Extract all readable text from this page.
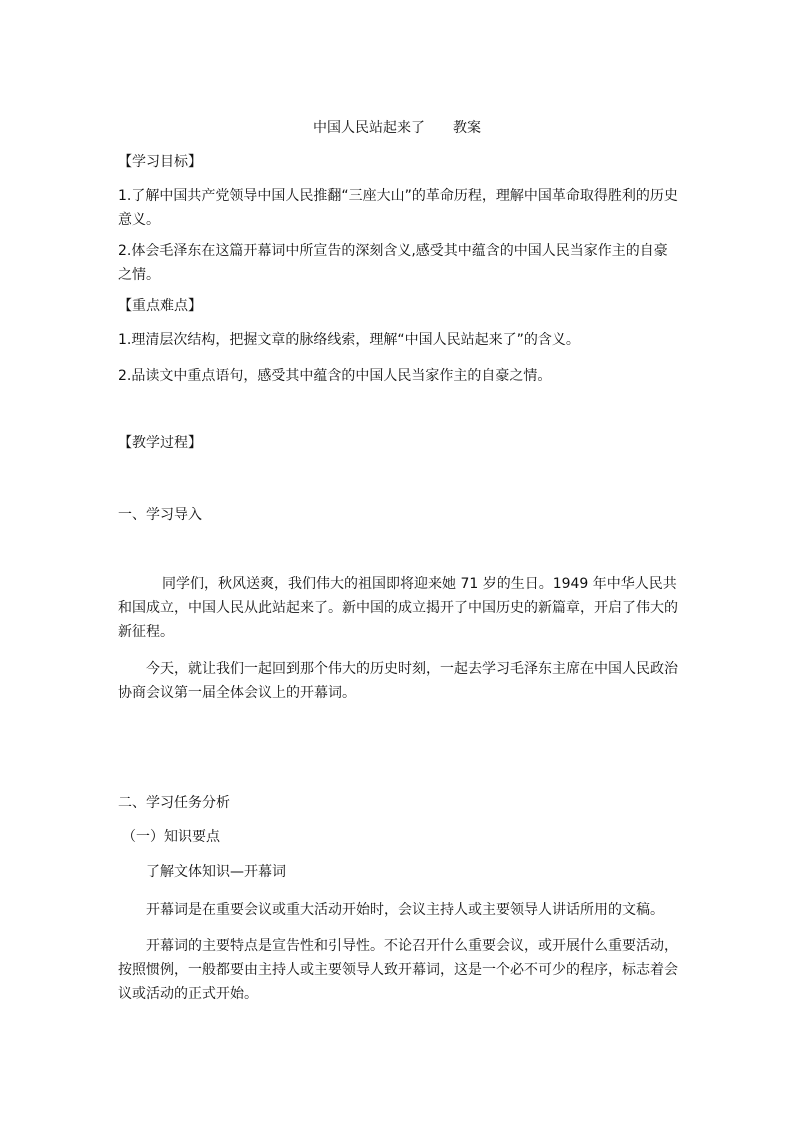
中国人民站起来了 教案
【学习目标】
1.了解中国共产党领导中国人民推翻“三座大山”的革命历程，理解中国革命取得胜利的历史意义。
2.体会毛泽东在这篇开幕词中所宣告的深刻含义,感受其中蕴含的中国人民当家作主的自豪之情。
【重点难点】
1.理清层次结构，把握文章的脉络线索，理解“中国人民站起来了”的含义。
2.品读文中重点语句，感受其中蕴含的中国人民当家作主的自豪之情。
【教学过程】
一、学习导入
同学们，秋风送爽，我们伟大的祖国即将迎来她 71 岁的生日。1949 年中华人民共和国成立，中国人民从此站起来了。新中国的成立揭开了中国历史的新篇章，开启了伟大的新征程。
今天，就让我们一起回到那个伟大的历史时刻，一起去学习毛泽东主席在中国人民政治协商会议第一届全体会议上的开幕词。
二、学习任务分析
（一）知识要点
了解文体知识—开幕词
开幕词是在重要会议或重大活动开始时，会议主持人或主要领导人讲话所用的文稿。
开幕词的主要特点是宣告性和引导性。不论召开什么重要会议，或开展什么重要活动，按照惯例，一般都要由主持人或主要领导人致开幕词，这是一个必不可少的程序，标志着会议或活动的正式开始。
